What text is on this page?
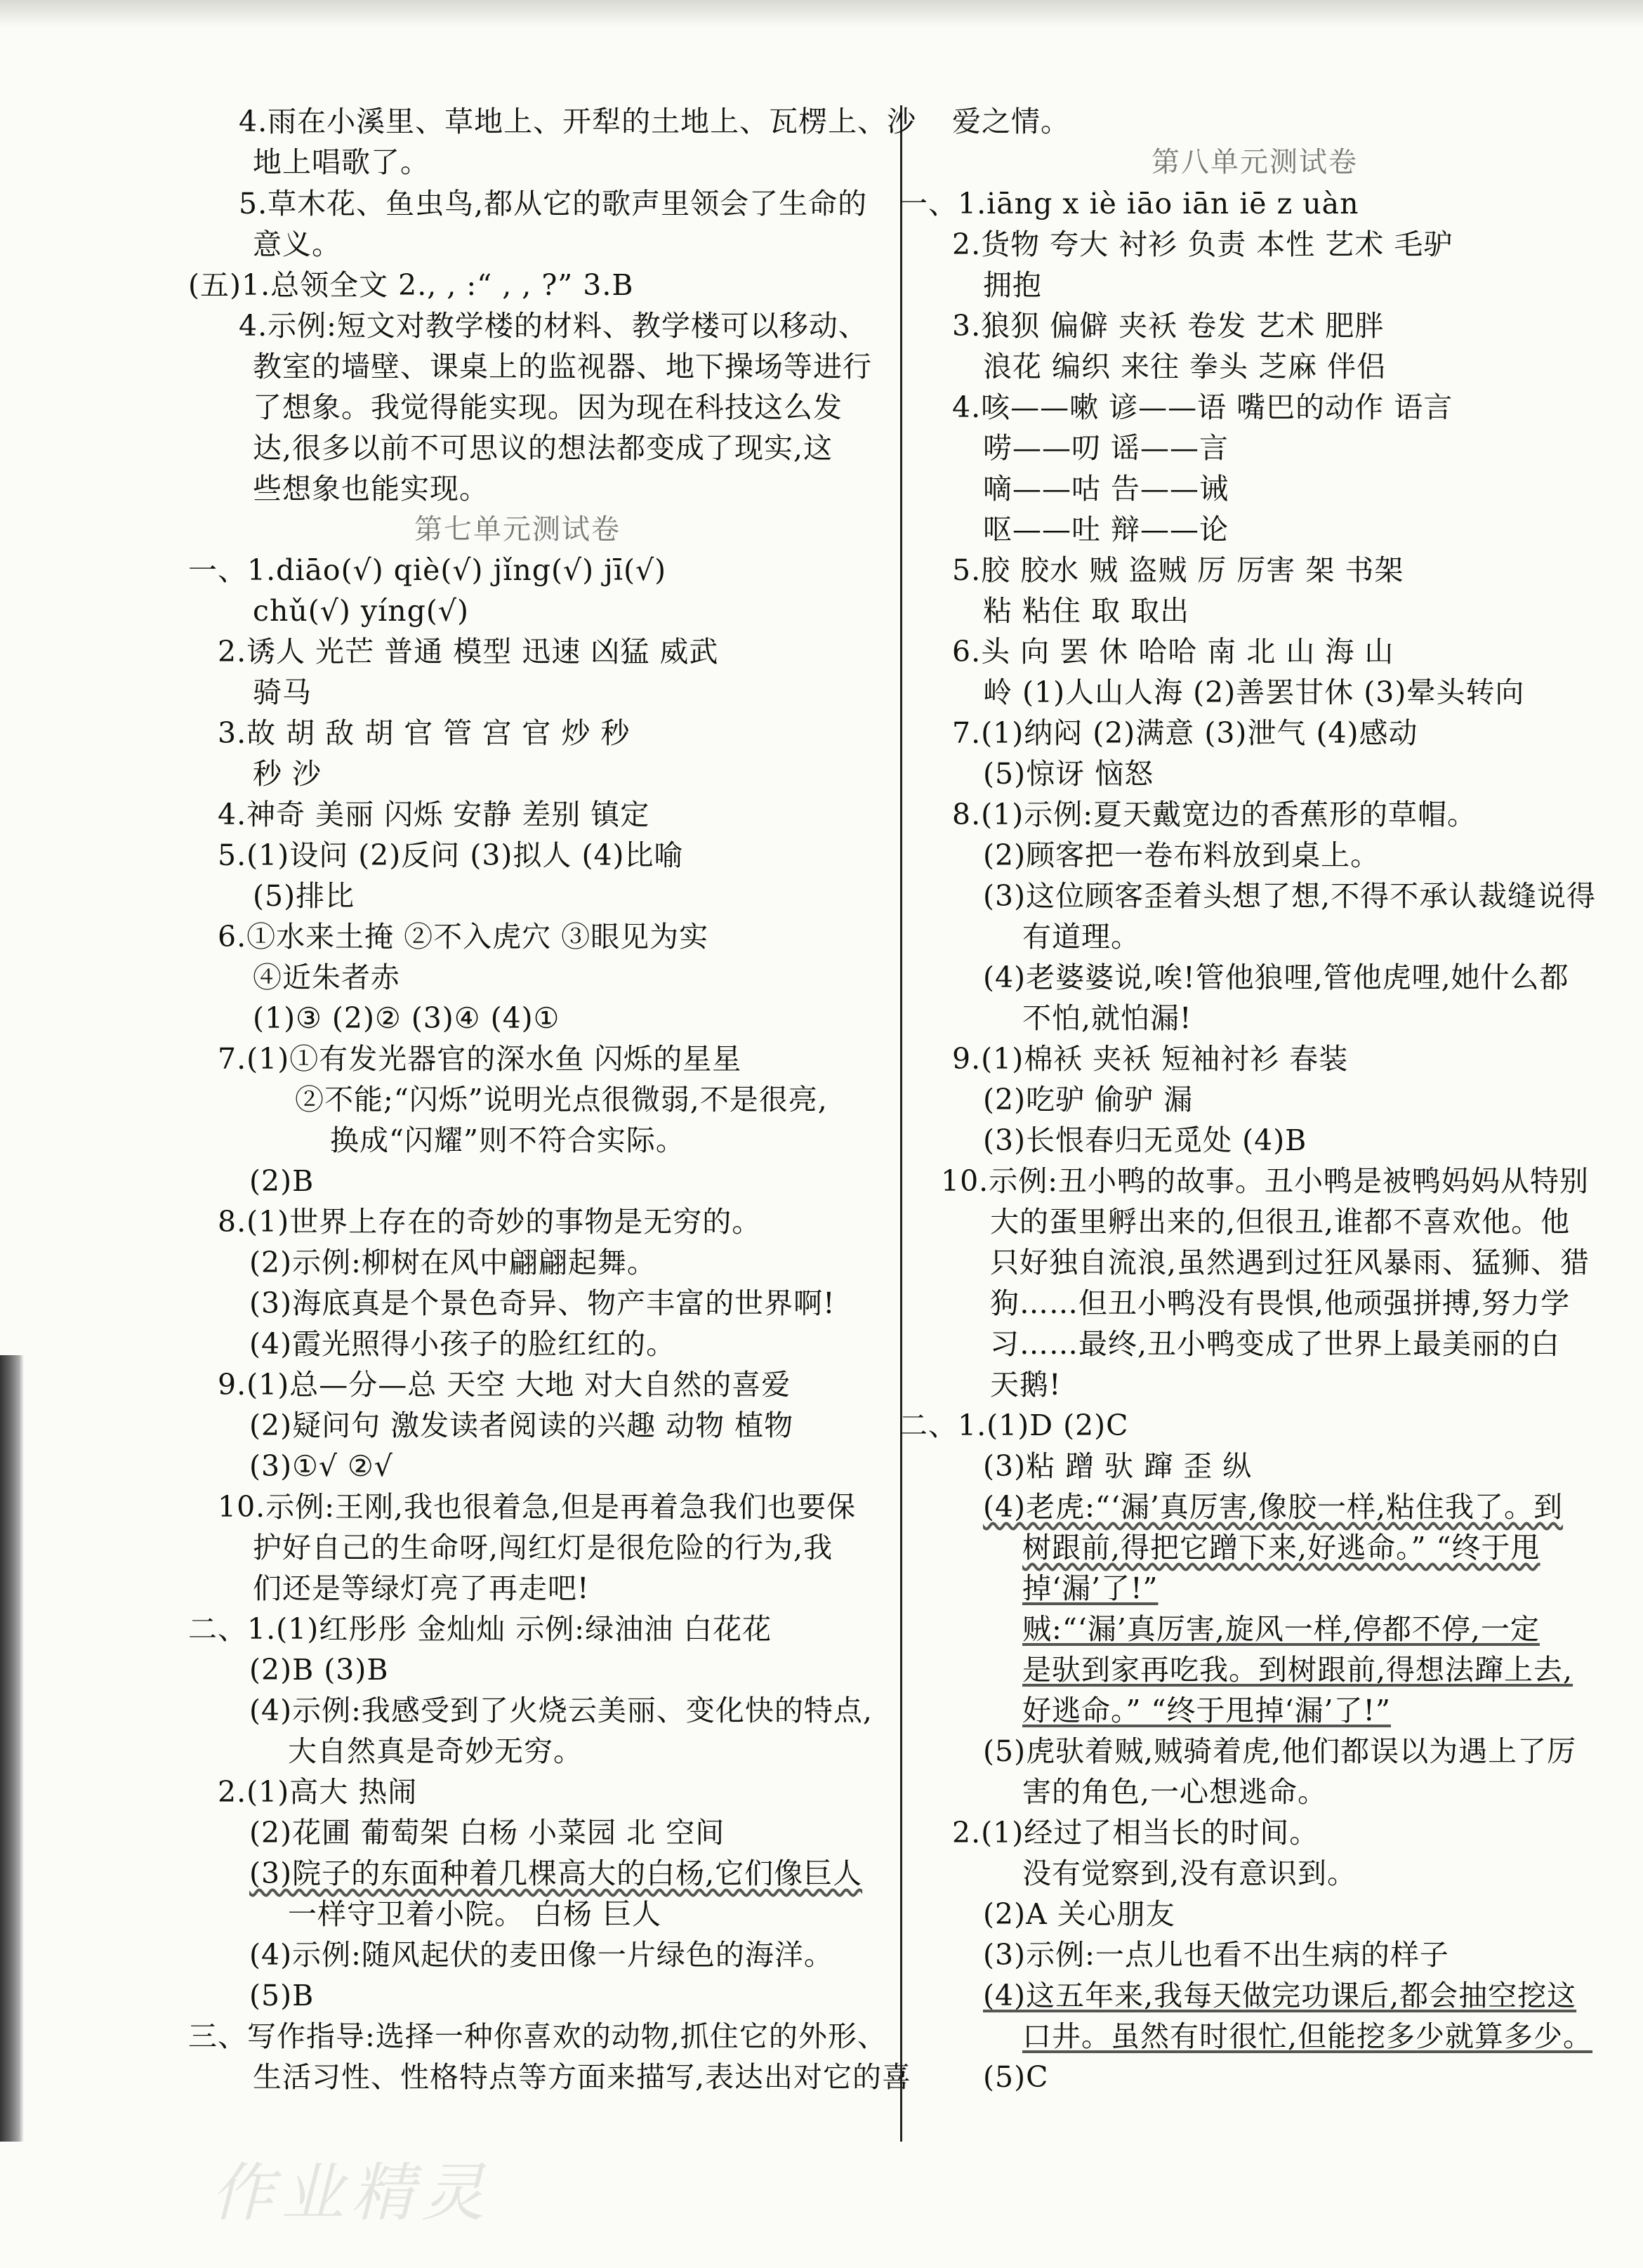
4.雨在小溪里、草地上、开犁的土地上、瓦楞上、沙
地上唱歌了。
5.草木花、鱼虫鸟,都从它的歌声里领会了生命的
意义。
(五)1.总领全文 2., , :“ , , ?” 3.B
4.示例:短文对教学楼的材料、教学楼可以移动、
教室的墙壁、课桌上的监视器、地下操场等进行
了想象。我觉得能实现。因为现在科技这么发
达,很多以前不可思议的想法都变成了现实,这
些想象也能实现。
一、1.diāo(√) qiè(√) jǐng(√) jī(√)
chǔ(√) yíng(√)
2.诱人 光芒 普通 模型 迅速 凶猛 威武
骑马
3.故 胡 敌 胡 官 管 宫 官 炒 秒
秒 沙
4.神奇 美丽 闪烁 安静 差别 镇定
5.(1)设问 (2)反问 (3)拟人 (4)比喻
(5)排比
6.①水来土掩 ②不入虎穴 ③眼见为实
④近朱者赤
(1)③ (2)② (3)④ (4)①
7.(1)①有发光器官的深水鱼 闪烁的星星
②不能;“闪烁”说明光点很微弱,不是很亮,
换成“闪耀”则不符合实际。
(2)B
8.(1)世界上存在的奇妙的事物是无穷的。
(2)示例:柳树在风中翩翩起舞。
(3)海底真是个景色奇异、物产丰富的世界啊!
(4)霞光照得小孩子的脸红红的。
9.(1)总—分—总 天空 大地 对大自然的喜爱
(2)疑问句 激发读者阅读的兴趣 动物 植物
(3)①√ ②√
10.示例:王刚,我也很着急,但是再着急我们也要保
护好自己的生命呀,闯红灯是很危险的行为,我
们还是等绿灯亮了再走吧!
二、1.(1)红彤彤 金灿灿 示例:绿油油 白花花
(2)B (3)B
(4)示例:我感受到了火烧云美丽、变化快的特点,
大自然真是奇妙无穷。
2.(1)高大 热闹
(2)花圃 葡萄架 白杨 小菜园 北 空间
(3)院子的东面种着几棵高大的白杨,它们像巨人
一样守卫着小院。 白杨 巨人
(4)示例:随风起伏的麦田像一片绿色的海洋。
(5)B
三、写作指导:选择一种你喜欢的动物,抓住它的外形、
生活习性、性格特点等方面来描写,表达出对它的喜
第七单元测试卷
爱之情。
一、1.iāng x iè iāo iān iē z uàn
2.货物 夸大 衬衫 负责 本性 艺术 毛驴
拥抱
3.狼狈 偏僻 夹袄 卷发 艺术 肥胖
浪花 编织 来往 拳头 芝麻 伴侣
4.咳——嗽 谚——语 嘴巴的动作 语言
唠——叨 谣——言
嘀——咕 告——诫
呕——吐 辩——论
5.胶 胶水 贼 盗贼 厉 厉害 架 书架
粘 粘住 取 取出
6.头 向 罢 休 哈哈 南 北 山 海 山
岭 (1)人山人海 (2)善罢甘休 (3)晕头转向
7.(1)纳闷 (2)满意 (3)泄气 (4)感动
(5)惊讶 恼怒
8.(1)示例:夏天戴宽边的香蕉形的草帽。
(2)顾客把一卷布料放到桌上。
(3)这位顾客歪着头想了想,不得不承认裁缝说得
有道理。
(4)老婆婆说,唉!管他狼哩,管他虎哩,她什么都
不怕,就怕漏!
9.(1)棉袄 夹袄 短袖衬衫 春装
(2)吃驴 偷驴 漏
(3)长恨春归无觅处 (4)B
10.示例:丑小鸭的故事。丑小鸭是被鸭妈妈从特别
大的蛋里孵出来的,但很丑,谁都不喜欢他。他
只好独自流浪,虽然遇到过狂风暴雨、猛狮、猎
狗……但丑小鸭没有畏惧,他顽强拼搏,努力学
习……最终,丑小鸭变成了世界上最美丽的白
天鹅!
二、1.(1)D (2)C
(3)粘 蹭 驮 蹿 歪 纵
(4)老虎:“‘漏’真厉害,像胶一样,粘住我了。到
树跟前,得把它蹭下来,好逃命。” “终于甩
掉‘漏’了!”
贼:“‘漏’真厉害,旋风一样,停都不停,一定
是驮到家再吃我。到树跟前,得想法蹿上去,
好逃命。” “终于甩掉‘漏’了!”
(5)虎驮着贼,贼骑着虎,他们都误以为遇上了厉
害的角色,一心想逃命。
2.(1)经过了相当长的时间。
没有觉察到,没有意识到。
(2)A 关心朋友
(3)示例:一点儿也看不出生病的样子
(4)这五年来,我每天做完功课后,都会抽空挖这
口井。虽然有时很忙,但能挖多少就算多少。
(5)C
第八单元测试卷
作业精灵
